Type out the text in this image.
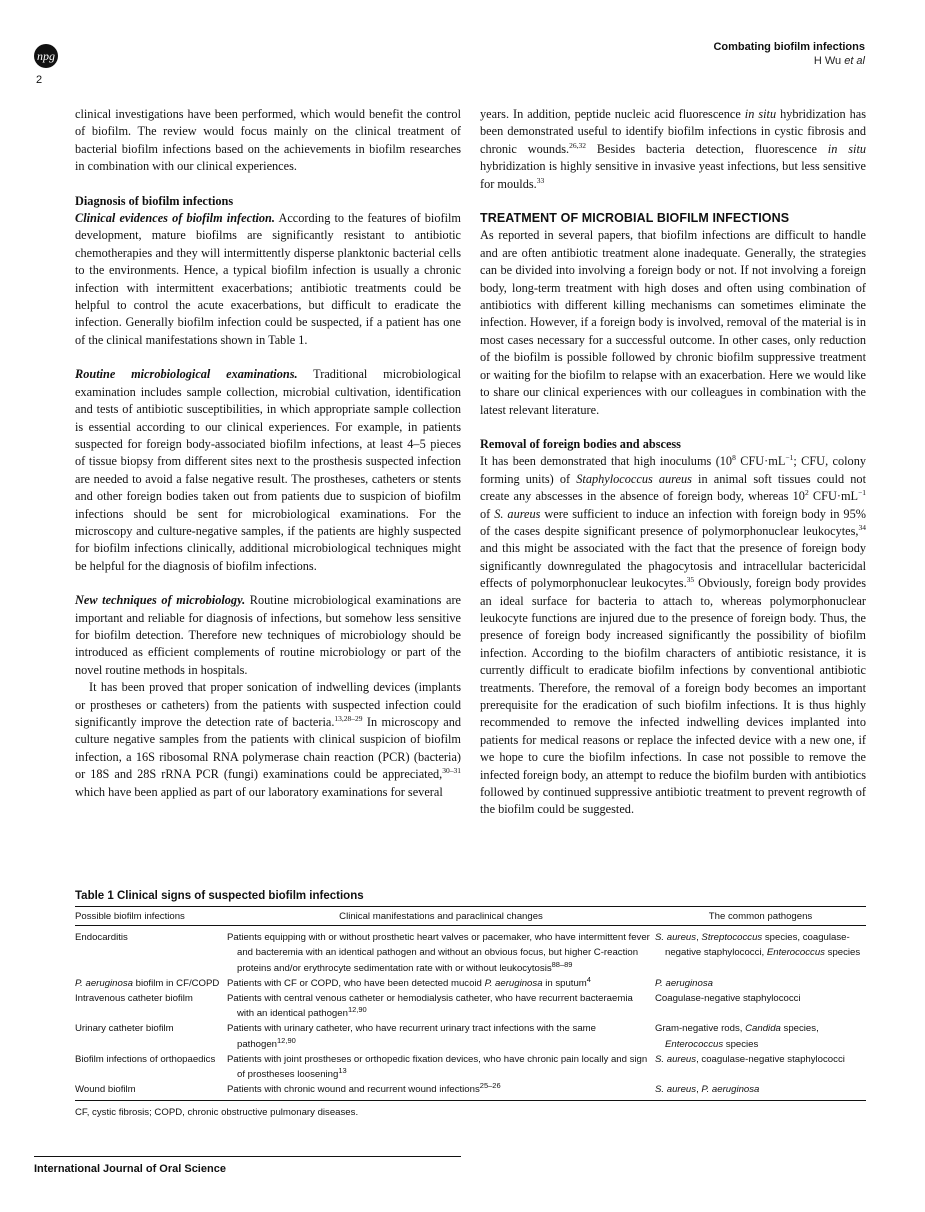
npg
2
Combating biofilm infections
H Wu et al

clinical investigations have been performed, which would benefit the control of biofilm. The review would focus mainly on the clinical treatment of bacterial biofilm infections based on the achievements in biofilm researches in combination with our clinical experiences.

Diagnosis of biofilm infections

Clinical evidences of biofilm infection. According to the features of biofilm development, mature biofilms are significantly resistant to antibiotic chemotherapies and they will intermittently disperse planktonic bacterial cells to the environments. Hence, a typical biofilm infection is usually a chronic infection with intermittent exacerbations; antibiotic treatments could be helpful to control the acute exacerbations, but difficult to eradicate the infection. Generally biofilm infection could be suspected, if a patient has one of the clinical manifestations shown in Table 1.

Routine microbiological examinations. Traditional microbiological examination includes sample collection, microbial cultivation, identification and tests of antibiotic susceptibilities, in which appropriate sample collection is essential according to our clinical experiences. For example, in patients suspected for foreign body-associated biofilm infections, at least 4–5 pieces of tissue biopsy from different sites next to the prosthesis suspected infection are needed to avoid a false negative result. The prostheses, catheters or stents and other foreign bodies taken out from patients due to suspicion of biofilm infections should be sent for microbiological examinations. For the microscopy and culture-negative samples, if the patients are highly suspected for biofilm infections clinically, additional microbiological techniques might be helpful for the diagnosis of biofilm infections.

New techniques of microbiology. Routine microbiological examinations are important and reliable for diagnosis of infections, but somehow less sensitive for biofilm detection. Therefore new techniques of microbiology should be introduced as efficient complements of routine microbiology or part of the novel routine methods in hospitals.

It has been proved that proper sonication of indwelling devices (implants or prostheses or catheters) from the patients with suspected infection could significantly improve the detection rate of bacteria.$^{13,28-29}$ In microscopy and culture negative samples from the patients with clinical suspicion of biofilm infection, a 16S ribosomal RNA polymerase chain reaction (PCR) (bacteria) or 18S and 28S rRNA PCR (fungi) examinations could be appreciated,$^{30-31}$ which have been applied as part of our laboratory examinations for several

years. In addition, peptide nucleic acid fluorescence in situ hybridization has been demonstrated useful to identify biofilm infections in cystic fibrosis and chronic wounds.$^{26,32}$ Besides bacteria detection, fluorescence in situ hybridization is highly sensitive in invasive yeast infections, but less sensitive for moulds.$^{33}$

TREATMENT OF MICROBIAL BIOFILM INFECTIONS

As reported in several papers, that biofilm infections are difficult to handle and are often antibiotic treatment alone inadequate. Generally, the strategies can be divided into involving a foreign body or not. If not involving a foreign body, long-term treatment with high doses and often using combination of antibiotics with different killing mechanisms can sometimes eliminate the infection. However, if a foreign body is involved, removal of the material is in most cases necessary for a successful outcome. In other cases, only reduction of the biofilm is possible followed by chronic biofilm suppressive treatment or waiting for the biofilm to relapse with an exacerbation. Here we would like to share our clinical experiences with our colleagues in combination with the latest relevant literature.

Removal of foreign bodies and abscess

It has been demonstrated that high inoculums ($10^8$ $CFU\cdot mL^{-1}$; CFU, colony forming units) of Staphylococcus aureus in animal soft tissues could not create any abscesses in the absence of foreign body, whereas $10^2$ $CFU\cdot mL^{-1}$ of S. aureus were sufficient to induce an infection with foreign body in 95% of the cases despite significant presence of polymorphonuclear leukocytes,$^{34}$ and this might be associated with the fact that the presence of foreign body significantly downregulated the phagocytosis and intracellular bactericidal effects of polymorphonuclear leukocytes.$^{35}$ Obviously, foreign body provides an ideal surface for bacteria to attach to, whereas polymorphonuclear leukocyte functions are injured due to the presence of foreign body. Thus, the presence of foreign body increased significantly the possibility of biofilm infection. According to the biofilm characters of antibiotic resistance, it is currently difficult to eradicate biofilm infections by conventional antibiotic treatments. Therefore, the removal of a foreign body becomes an important prerequisite for the eradication of such biofilm infections. It is thus highly recommended to remove the infected indwelling devices implanted into patients for medical reasons or replace the infected device with a new one, if we hope to cure the biofilm infections. In case not possible to remove the infected foreign body, an attempt to reduce the biofilm burden with antibiotics followed by continued suppressive antibiotic treatment to prevent regrowth of the biofilm could be suggested.

Table 1 Clinical signs of suspected biofilm infections

Possible biofilm infections	Clinical manifestations and paraclinical changes	The common pathogens

Endocarditis	Patients equipping with or without prosthetic heart valves or pacemaker, who have intermittent fever and bacteremia with an identical pathogen and without an obvious focus, but higher C-reaction proteins and/or erythrocyte sedimentation rate with or without leukocytosis$^{88-89}$	S. aureus, Streptococcus species, coagulase-negative staphylococci, Enterococcus species

P. aeruginosa biofilm in CF/COPD	Patients with CF or COPD, who have been detected mucoid P. aeruginosa in sputum$^4$	P. aeruginosa

Intravenous catheter biofilm	Patients with central venous catheter or hemodialysis catheter, who have recurrent bacteraemia with an identical pathogen$^{12,90}$	Coagulase-negative staphylococci

Urinary catheter biofilm	Patients with urinary catheter, who have recurrent urinary tract infections with the same pathogen$^{12,90}$	Gram-negative rods, Candida species, Enterococcus species

Biofilm infections of orthopaedics	Patients with joint prostheses or orthopedic fixation devices, who have chronic pain locally and sign of prostheses loosening$^{13}$	S. aureus, coagulase-negative staphylococci

Wound biofilm	Patients with chronic wound and recurrent wound infections$^{25-26}$	S. aureus, P. aeruginosa
CF, cystic fibrosis; COPD, chronic obstructive pulmonary diseases.
International Journal of Oral Science
